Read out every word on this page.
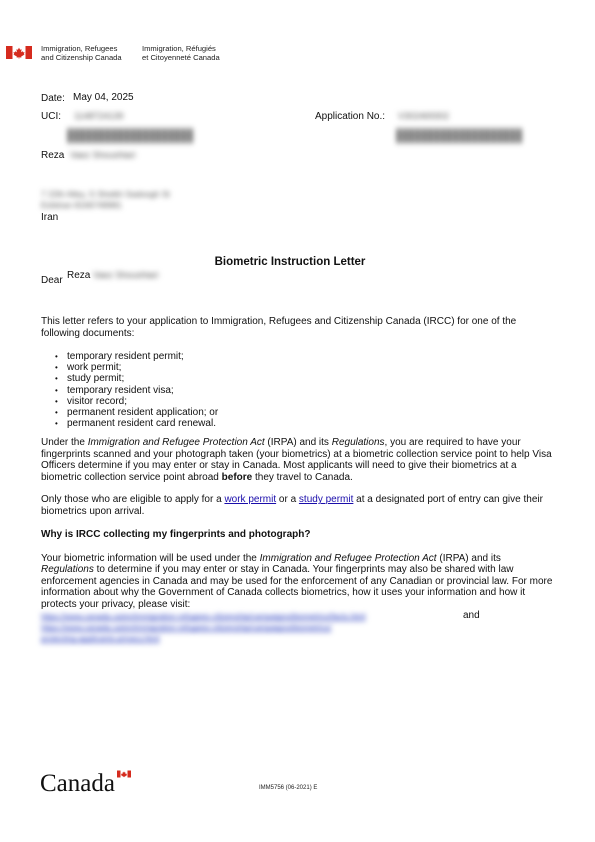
Immigration, Refugees
and Citizenship Canada
Immigration, Réfugiés
et Citoyenneté Canada
Date: May 04, 2025
UCI: 1148724139	Application No.: V302469302
IIIIIIIIIIIIIIIIIIII	IIIIIIIIIIIIIIIIIIII
Reza Vaez Shoushtari
7 22th Alley, S Sheikh Sadoogh St
Esfahan 8166749981
Iran
Biometric Instruction Letter
Dear Reza Vaez Shoushtari

This letter refers to your application to Immigration, Refugees and Citizenship Canada (IRCC) for one of the following documents:

• temporary resident permit;
• work permit;
• study permit;
• temporary resident visa;
• visitor record;
• permanent resident application; or
• permanent resident card renewal.

Under the Immigration and Refugee Protection Act (IRPA) and its Regulations, you are required to have your fingerprints scanned and your photograph taken (your biometrics) at a biometric collection service point to help Visa Officers determine if you may enter or stay in Canada. Most applicants will need to give their biometrics at a biometric collection service point abroad before they travel to Canada.

Only those who are eligible to apply for a work permit or a study permit at a designated port of entry can give their biometrics upon arrival.

Why is IRCC collecting my fingerprints and photograph?

Your biometric information will be used under the Immigration and Refugee Protection Act (IRPA) and its Regulations to determine if you may enter or stay in Canada. Your fingerprints may also be shared with law enforcement agencies in Canada and may be used for the enforcement of any Canadian or provincial law. For more information about why the Government of Canada collects biometrics, how it uses your information and how it protects your privacy, please visit:

https://www.canada.ca/en/immigration-refugees-citizenship/campaigns/biometrics/facts.html	and
https://www.canada.ca/en/immigration-refugees-citizenship/campaigns/biometrics/
protecting-applicants-privacy.html
Canada	IMM5756 (06-2021) E
